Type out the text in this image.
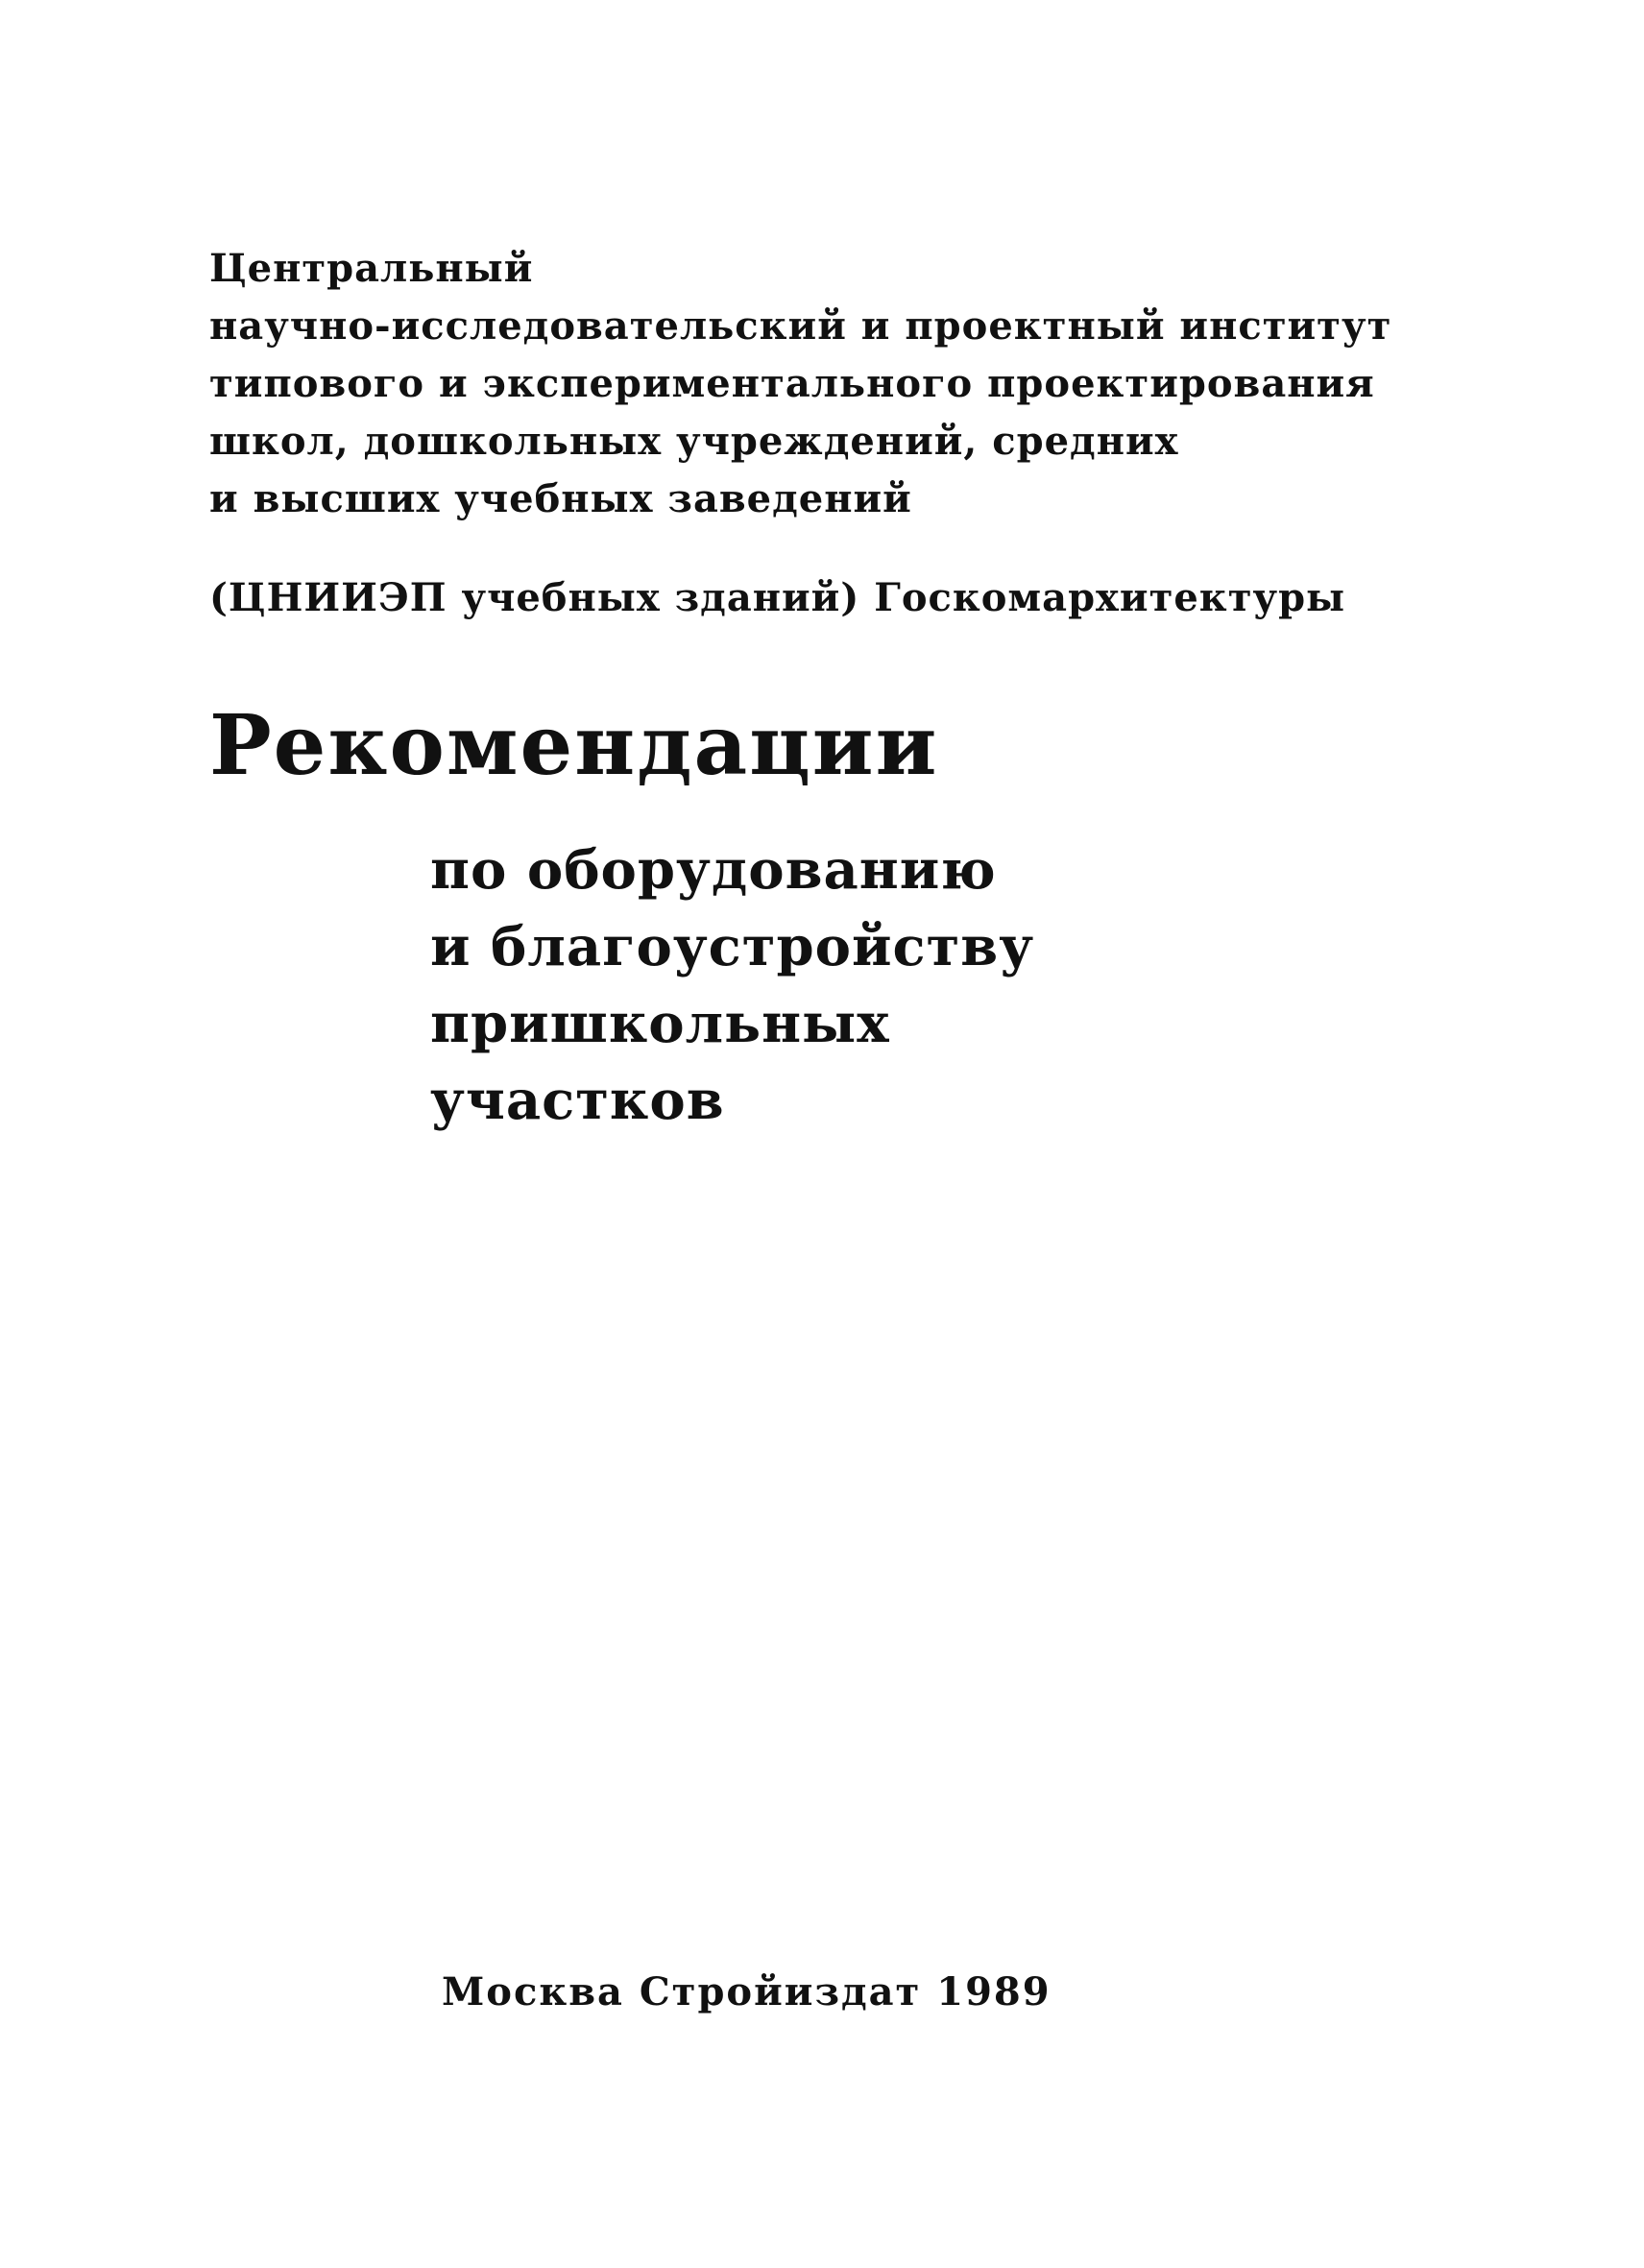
Центральный
научно-исследовательский и проектный институт
типового и экспериментального проектирования
школ, дошкольных учреждений, средних
и высших учебных заведений
(ЦНИИЭП учебных зданий) Госкомархитектуры
Рекомендации
по оборудованию
и благоустройству
пришкольных
участков
Москва Стройиздат 1989
